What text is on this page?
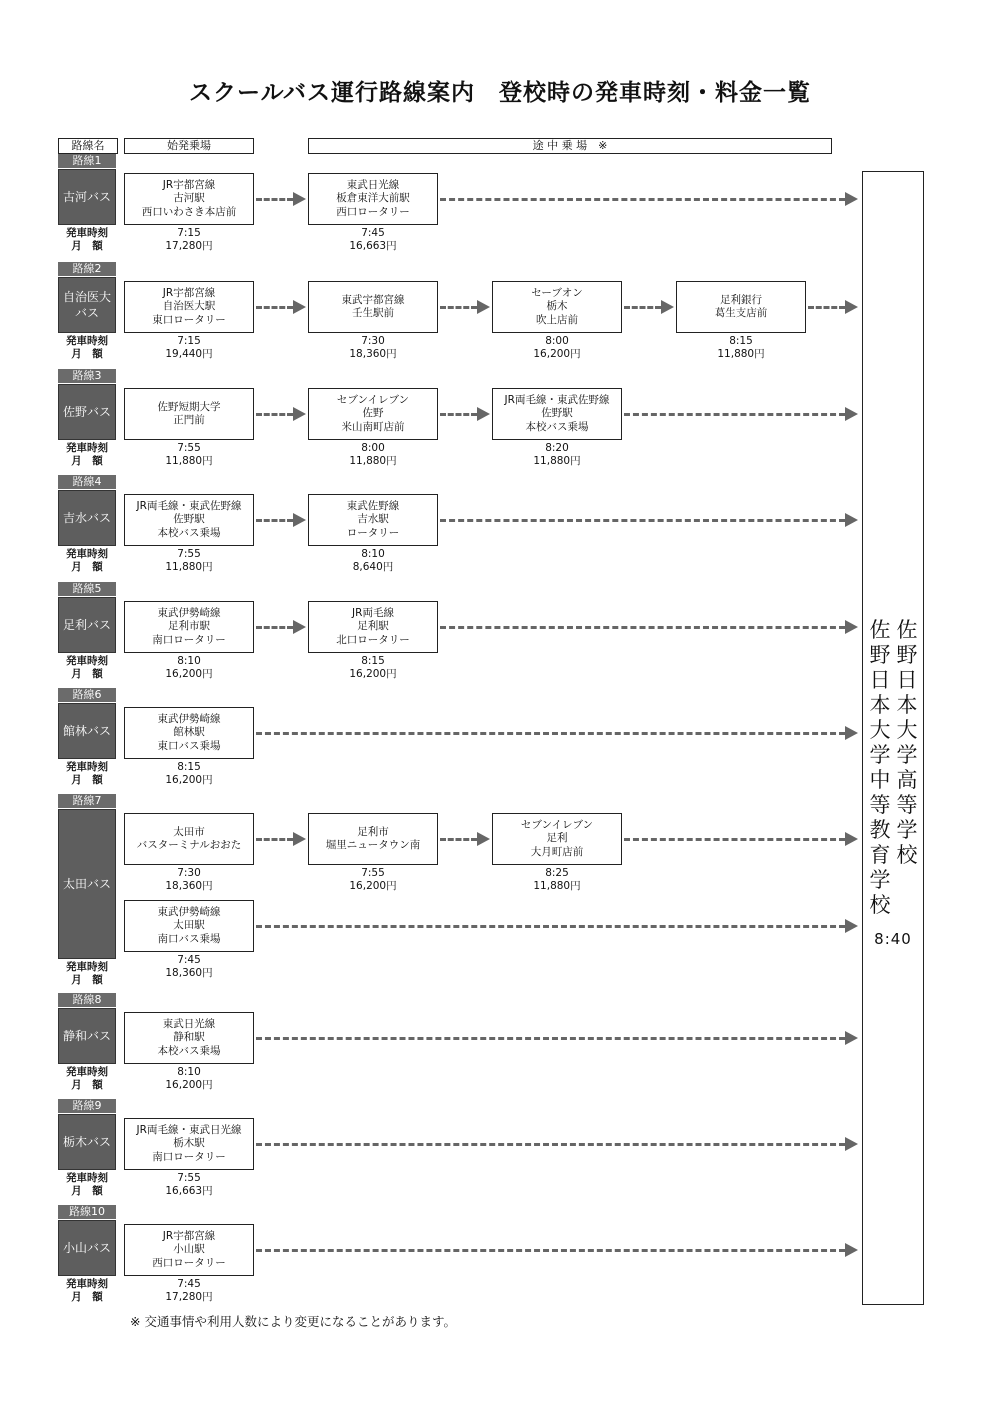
スクールバス運行路線案内　登校時の発車時刻・料金一覧
路線名	始発乗場	途 中 乗 場　※
路線1
古河バス
発車時刻
月　額
JR宇都宮線
古河駅
西口いわさき本店前
7:15
17,280円
東武日光線
板倉東洋大前駅
西口ロータリー
7:45
16,663円
路線2
自治医大バス
発車時刻
月　額
JR宇都宮線
自治医大駅
東口ロータリー
7:15
19,440円
東武宇都宮線
壬生駅前
7:30
18,360円
セーブオン
栃木
吹上店前
8:00
16,200円
足利銀行
葛生支店前
8:15
11,880円
路線3
佐野バス
発車時刻
月　額
佐野短期大学
正門前
7:55
11,880円
セブンイレブン
佐野
米山南町店前
8:00
11,880円
JR両毛線・東武佐野線
佐野駅
本校バス乗場
8:20
11,880円
路線4
吉水バス
発車時刻
月　額
JR両毛線・東武佐野線
佐野駅
本校バス乗場
7:55
11,880円
東武佐野線
吉水駅
ロータリー
8:10
8,640円
路線5
足利バス
発車時刻
月　額
東武伊勢崎線
足利市駅
南口ロータリー
8:10
16,200円
JR両毛線
足利駅
北口ロータリー
8:15
16,200円
路線6
館林バス
発車時刻
月　額
東武伊勢崎線
館林駅
東口バス乗場
8:15
16,200円
路線7
太田バス
発車時刻
月　額
太田市
バスターミナルおおた
7:30
18,360円
足利市
堀里ニュータウン南
7:55
16,200円
セブンイレブン
足利
大月町店前
8:25
11,880円
東武伊勢崎線
太田駅
南口バス乗場
7:45
18,360円
路線8
静和バス
発車時刻
月　額
東武日光線
静和駅
本校バス乗場
8:10
16,200円
路線9
栃木バス
発車時刻
月　額
JR両毛線・東武日光線
栃木駅
南口ロータリー
7:55
16,663円
路線10
小山バス
発車時刻
月　額
JR宇都宮線
小山駅
西口ロータリー
7:45
17,280円
佐
野
日
本
大
学
高
等
学
校
佐
野
日
本
大
学
中
等
教
育
学
校
8:40
※ 交通事情や利用人数により変更になることがあります。
